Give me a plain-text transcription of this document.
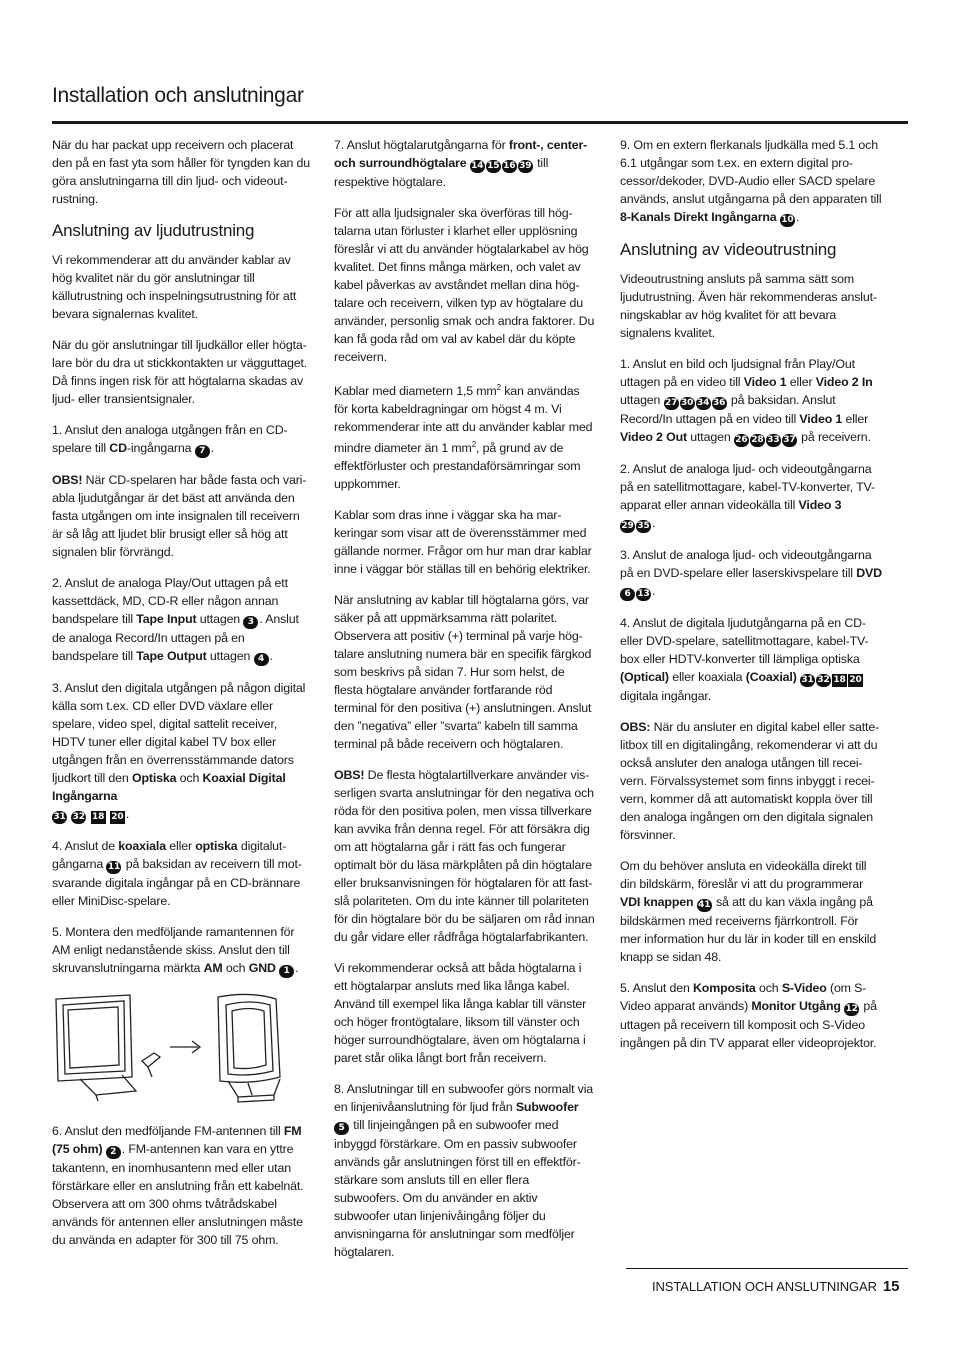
Installation och anslutningar

När du har packat upp receivern och placerat den på en fast yta som håller för tyngden kan du göra anslutningarna till din ljud- och videoutrustning.

Anslutning av ljudutrustning

Vi rekommenderar att du använder kablar av hög kvalitet när du gör anslutningar till källutrustning och inspelningsutrustning för att bevara signalernas kvalitet.

När du gör anslutningar till ljudkällor eller högtalare bör du dra ut stickkontakten ur vägguttaget. Då finns ingen risk för att högtalarna skadas av ljud- eller transientsignaler.

1. Anslut den analoga utgången från en CD-spelare till CD-ingångarna 7 .

OBS! När CD-spelaren har både fasta och variabla ljudutgångar är det bäst att använda den fasta utgången om inte insignalen till receivern är så låg att ljudet blir brusigt eller så hög att signalen blir förvrängd.

2. Anslut de analoga Play/Out uttagen på ett kassettdäck, MD, CD-R eller någon annan bandspelare till Tape Input uttagen 3 . Anslut de analoga Record/In uttagen på en bandspelare till Tape Output uttagen 4 .

3. Anslut den digitala utgången på någon digital källa som t.ex. CD eller DVD växlare eller spelare, video spel, digital sattelit receiver, HDTV tuner eller digital kabel TV box eller utgången från en överrensstämmande dators ljudkort till den Optiska och Koaxial Digital Ingångarna
31 32 18 20 .

4. Anslut de koaxiala eller optiska digitalutgångarna 11 på baksidan av receivern till motsvarande digitala ingångar på en CD-brännare eller MiniDisc-spelare.

5. Montera den medföljande ramantennen för AM enligt nedanstående skiss. Anslut den till skruvanslutningarna märkta AM och GND 1 .

6. Anslut den medföljande FM-antennen till FM (75 ohm) 2 . FM-antennen kan vara en yttre takantenn, en inomhusantenn med eller utan förstärkare eller en anslutning från ett kabelnät. Observera att om 300 ohms tvåtrådskabel används för antennen eller anslutningen måste du använda en adapter för 300 till 75 ohm.

7. Anslut högtalarutgångarna för front-, center- och surroundhögtalare 14 15 16 39 till respektive högtalare.

För att alla ljudsignaler ska överföras till högtalarna utan förluster i klarhet eller upplösning föreslår vi att du använder högtalarkabel av hög kvalitet. Det finns många märken, och valet av kabel påverkas av avståndet mellan dina högtalare och receivern, vilken typ av högtalare du använder, personlig smak och andra faktorer. Du kan få goda råd om val av kabel där du köpte receivern.

Kablar med diametern 1,5 $mm^2$ kan användas för korta kabeldragningar om högst 4 m. Vi rekommenderar inte att du använder kablar med mindre diameter än 1 $mm^2$, på grund av de effektförluster och prestandaförsämringar som uppkommer.

Kablar som dras inne i väggar ska ha markeringar som visar att de överensstämmer med gällande normer. Frågor om hur man drar kablar inne i väggar bör ställas till en behörig elektriker.

När anslutning av kablar till högtalarna görs, var säker på att uppmärksamma rätt polaritet. Observera att positiv (+) terminal på varje högtalare anslutning numera bär en specifik färgkod som beskrivs på sidan 7. Hur som helst, de flesta högtalare använder fortfarande röd terminal för den positiva (+) anslutningen. Anslut den ”negativa” eller ”svarta” kabeln till samma terminal på både receivern och högtalaren.

OBS! De flesta högtalartillverkare använder visserligen svarta anslutningar för den negativa och röda för den positiva polen, men vissa tillverkare kan avvika från denna regel. För att försäkra dig om att högtalarna går i rätt fas och fungerar optimalt bör du läsa märkplåten på din högtalare eller bruksanvisningen för högtalaren för att fastslå polariteten. Om du inte känner till polariteten för din högtalare bör du be säljaren om råd innan du går vidare eller rådfråga högtalarfabrikanten.

Vi rekommenderar också att båda högtalarna i ett högtalarpar ansluts med lika långa kabel. Använd till exempel lika långa kablar till vänster och höger frontögtalare, liksom till vänster och höger surroundhögtalare, även om högtalarna i paret står olika långt bort från receivern.

8. Anslutningar till en subwoofer görs normalt via en linjenivåanslutning för ljud från Subwoofer
5 till linjeingången på en subwoofer med inbyggd förstärkare. Om en passiv subwoofer används går anslutningen först till en effektförstärkare som ansluts till en eller flera subwoofers. Om du använder en aktiv subwoofer utan linjenivåingång följer du anvisningarna för anslutningar som medföljer högtalaren.

9. Om en extern flerkanals ljudkälla med 5.1 och 6.1 utgångar som t.ex. en extern digital processor/dekoder, DVD-Audio eller SACD spelare används, anslut utgångarna på den apparaten till 8-Kanals Direkt Ingångarna 10 .

Anslutning av videoutrustning

Videoutrustning ansluts på samma sätt som ljudutrustning. Även här rekommenderas anslutningskablar av hög kvalitet för att bevara signalens kvalitet.

1. Anslut en bild och ljudsignal från Play/Out uttagen på en video till Video 1 eller Video 2 In uttagen 27 30 34 36 på baksidan. Anslut Record/In uttagen på en video till Video 1 eller Video 2 Out uttagen 26 28 33 37 på receivern.

2. Anslut de analoga ljud- och videoutgångarna på en satellitmottagare, kabel-TV-konverter, TV-apparat eller annan videokälla till Video 3
29 35 .

3. Anslut de analoga ljud- och videoutgångarna på en DVD-spelare eller laserskivspelare till DVD 6 13 .

4. Anslut de digitala ljudutgångarna på en CD- eller DVD-spelare, satellitmottagare, kabel-TV-box eller HDTV-konverter till lämpliga optiska (Optical) eller koaxiala (Coaxial) 31 32 18 20 digitala ingångar.

OBS: När du ansluter en digital kabel eller sattelitbox till en digitalingång, rekomenderar vi att du också ansluter den analoga utången till receivern. Förvalssystemet som finns inbyggt i receivern, kommer då att automatiskt koppla över till den analoga ingången om den digitala signalen försvinner.

Om du behöver ansluta en videokälla direkt till din bildskärm, föreslår vi att du programmerar VDI knappen 41 så att du kan växla ingång på bildskärmen med receiverns fjärrkontroll. För mer information hur du lär in koder till en enskild knapp se sidan 48.

5. Anslut den Komposita och S-Video (om S-Video apparat används) Monitor Utgång 12 på uttagen på receivern till komposit och S-Video ingången på din TV apparat eller videoprojektor.

INSTALLATION OCH ANSLUTNINGAR 15
